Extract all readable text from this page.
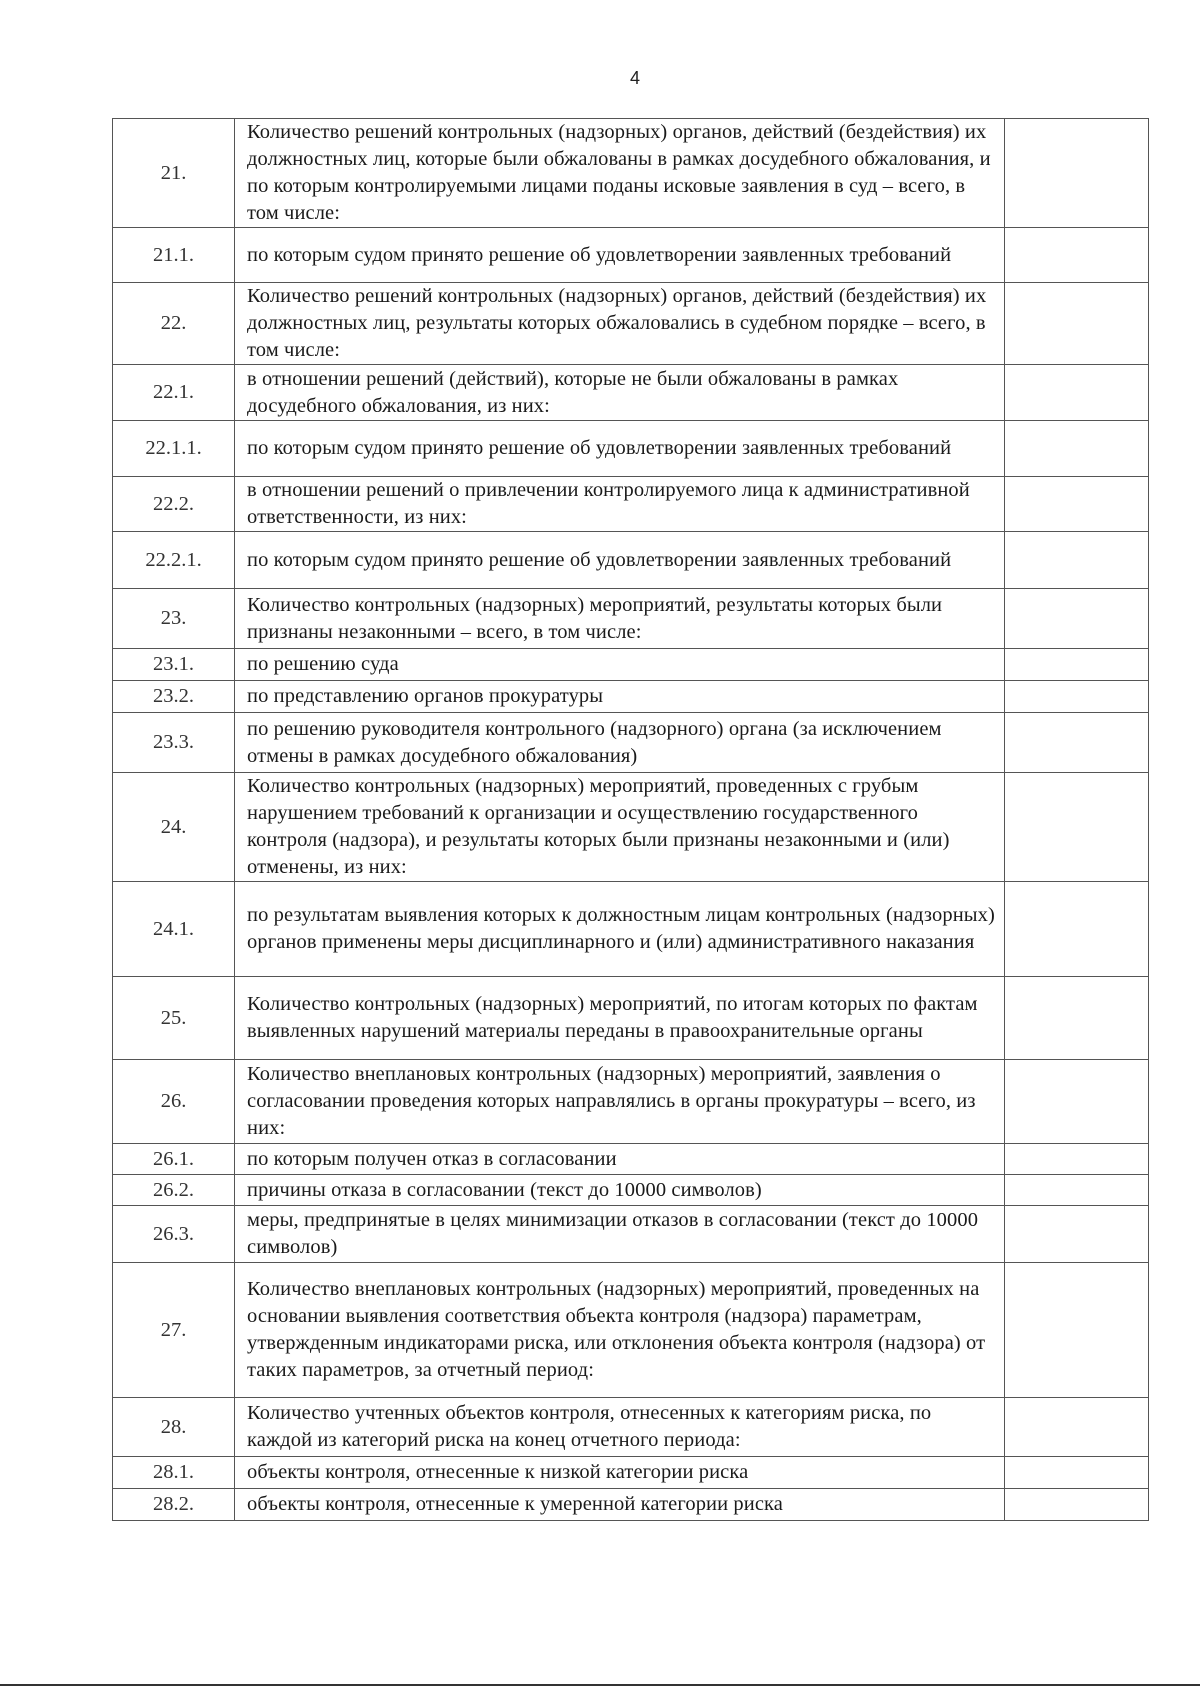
4
21.	Количество решений контрольных (надзорных) органов, действий (бездействия) их должностных лиц, которые были обжалованы в рамках досудебного обжалования, и по которым контролируемыми лицами поданы исковые заявления в суд – всего, в том числе:	
21.1.	по которым судом принято решение об удовлетворении заявленных требований	
22.	Количество решений контрольных (надзорных) органов, действий (бездействия) их должностных лиц, результаты которых обжаловались в судебном порядке – всего, в том числе:	
22.1.	в отношении решений (действий), которые не были обжалованы в рамках досудебного обжалования, из них:	
22.1.1.	по которым судом принято решение об удовлетворении заявленных требований	
22.2.	в отношении решений о привлечении контролируемого лица к административной ответственности, из них:	
22.2.1.	по которым судом принято решение об удовлетворении заявленных требований	
23.	Количество контрольных (надзорных) мероприятий, результаты которых были признаны незаконными – всего, в том числе:	
23.1.	по решению суда	
23.2.	по представлению органов прокуратуры	
23.3.	по решению руководителя контрольного (надзорного) органа (за исключением отмены в рамках досудебного обжалования)	
24.	Количество контрольных (надзорных) мероприятий, проведенных с грубым нарушением требований к организации и осуществлению государственного контроля (надзора), и результаты которых были признаны незаконными и (или) отменены, из них:	
24.1.	по результатам выявления которых к должностным лицам контрольных (надзорных) органов применены меры дисциплинарного и (или) административного наказания	
25.	Количество контрольных (надзорных) мероприятий, по итогам которых по фактам выявленных нарушений материалы переданы в правоохранительные органы	
26.	Количество внеплановых контрольных (надзорных) мероприятий, заявления о согласовании проведения которых направлялись в органы прокуратуры – всего, из них:	
26.1.	по которым получен отказ в согласовании	
26.2.	причины отказа в согласовании (текст до 10000 символов)	
26.3.	меры, предпринятые в целях минимизации отказов в согласовании (текст до 10000 символов)	
27.	Количество внеплановых контрольных (надзорных) мероприятий, проведенных на основании выявления соответствия объекта контроля (надзора) параметрам, утвержденным индикаторами риска, или отклонения объекта контроля (надзора) от таких параметров, за отчетный период:	
28.	Количество учтенных объектов контроля, отнесенных к категориям риска, по каждой из категорий риска на конец отчетного периода:	
28.1.	объекты контроля, отнесенные к низкой категории риска	
28.2.	объекты контроля, отнесенные к умеренной категории риска	
